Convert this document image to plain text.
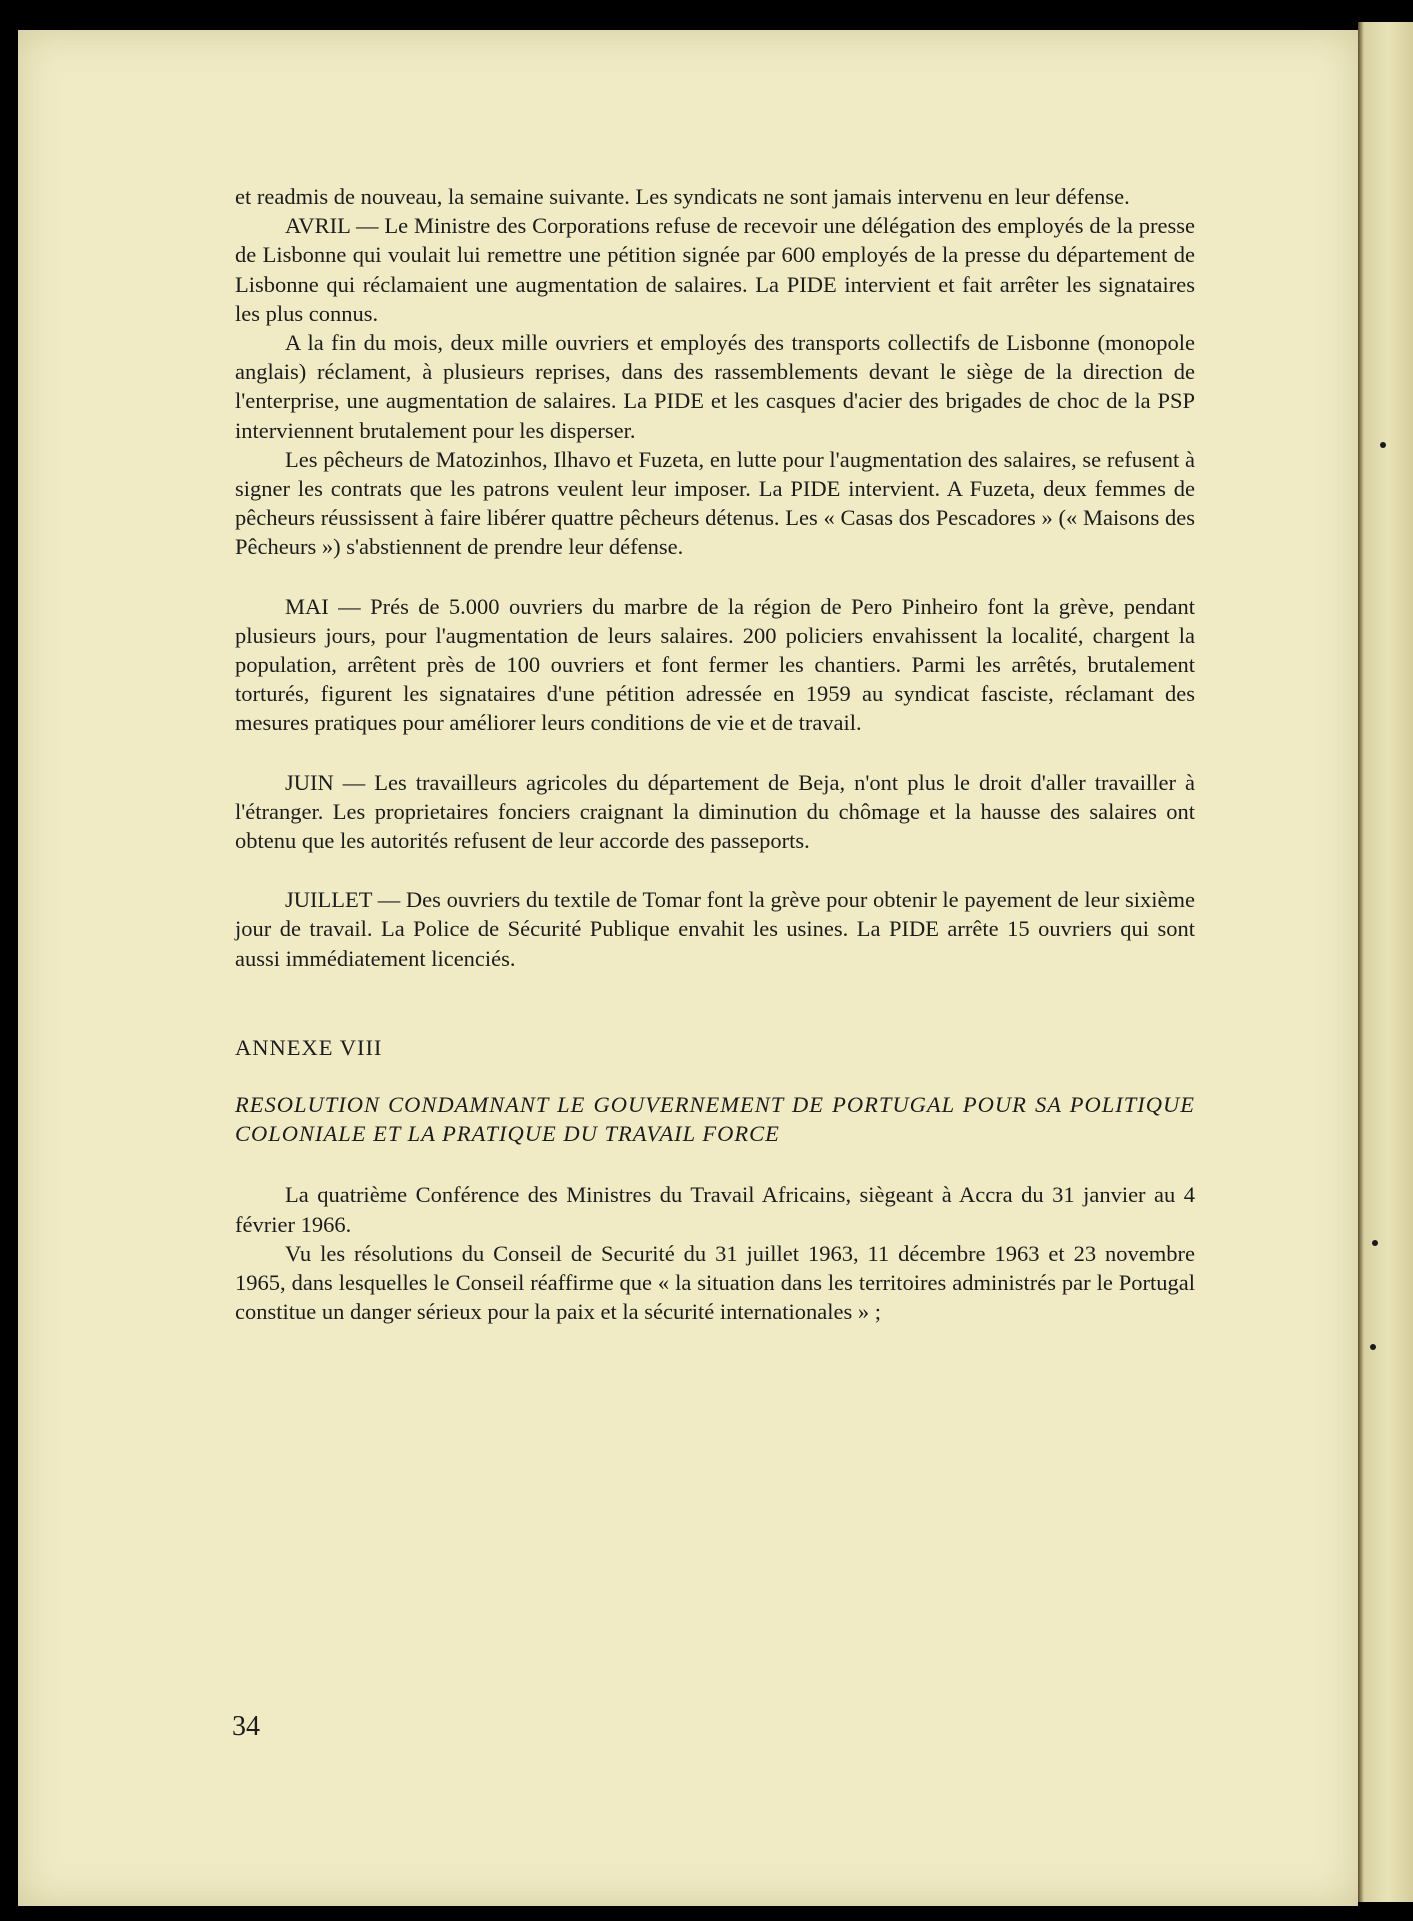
et readmis de nouveau, la semaine suivante. Les syndicats ne sont jamais intervenu en leur défense.

AVRIL — Le Ministre des Corporations refuse de recevoir une délégation des employés de la presse de Lisbonne qui voulait lui remettre une pétition signée par 600 employés de la presse du département de Lisbonne qui réclamaient une augmentation de salaires. La PIDE intervient et fait arrêter les signataires les plus connus.

A la fin du mois, deux mille ouvriers et employés des transports collectifs de Lisbonne (monopole anglais) réclament, à plusieurs reprises, dans des rassemblements devant le siège de la direction de l'enterprise, une augmentation de salaires. La PIDE et les casques d'acier des brigades de choc de la PSP interviennent brutalement pour les disperser.

Les pêcheurs de Matozinhos, Ilhavo et Fuzeta, en lutte pour l'augmentation des salaires, se refusent à signer les contrats que les patrons veulent leur imposer. La PIDE intervient. A Fuzeta, deux femmes de pêcheurs réussissent à faire libérer quattre pêcheurs détenus. Les « Casas dos Pescadores » (« Maisons des Pêcheurs ») s'abstiennent de prendre leur défense.

MAI — Prés de 5.000 ouvriers du marbre de la région de Pero Pinheiro font la grève, pendant plusieurs jours, pour l'augmentation de leurs salaires. 200 policiers envahissent la localité, chargent la population, arrêtent près de 100 ouvriers et font fermer les chantiers. Parmi les arrêtés, brutalement torturés, figurent les signataires d'une pétition adressée en 1959 au syndicat fasciste, réclamant des mesures pratiques pour améliorer leurs conditions de vie et de travail.

JUIN — Les travailleurs agricoles du département de Beja, n'ont plus le droit d'aller travailler à l'étranger. Les proprietaires fonciers craignant la diminution du chômage et la hausse des salaires ont obtenu que les autorités refusent de leur accorde des passeports.

JUILLET — Des ouvriers du textile de Tomar font la grève pour obtenir le payement de leur sixième jour de travail. La Police de Sécurité Publique envahit les usines. La PIDE arrête 15 ouvriers qui sont aussi immédiatement licenciés.

ANNEXE VIII

RESOLUTION CONDAMNANT LE GOUVERNEMENT DE PORTUGAL POUR SA POLITIQUE COLONIALE ET LA PRATIQUE DU TRAVAIL FORCE

La quatrième Conférence des Ministres du Travail Africains, siègeant à Accra du 31 janvier au 4 février 1966.

Vu les résolutions du Conseil de Securité du 31 juillet 1963, 11 décembre 1963 et 23 novembre 1965, dans lesquelles le Conseil réaffirme que « la situation dans les territoires administrés par le Portugal constitue un danger sérieux pour la paix et la sécurité internationales » ;

34
